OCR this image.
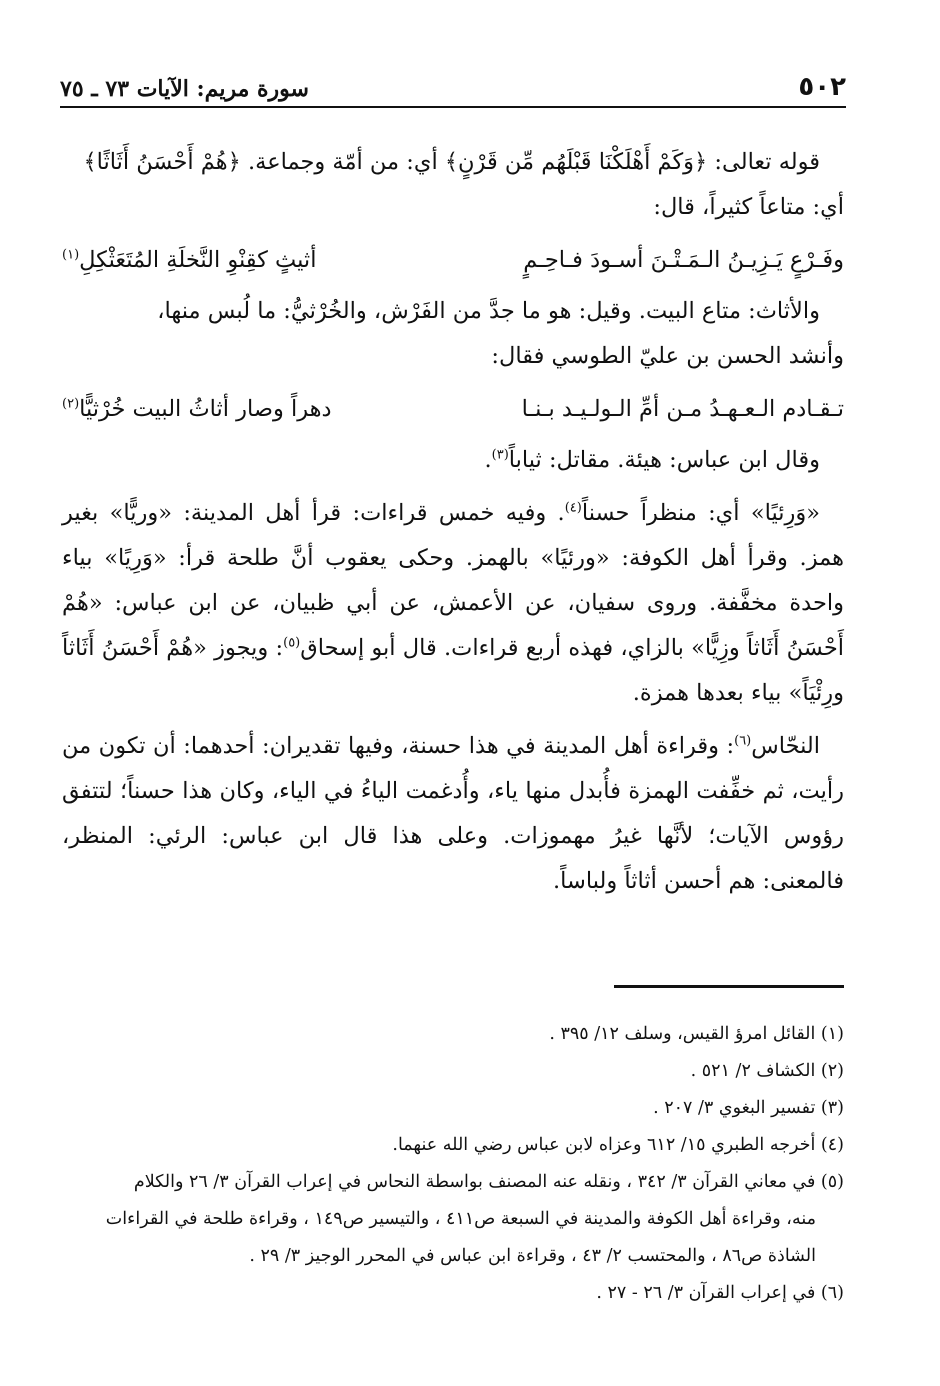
٥٠٢
سورة مريم: الآيات ٧٣ ـ ٧٥

قوله تعالى: ﴿وَكَمْ أَهْلَكْنَا قَبْلَهُم مِّن قَرْنٍ﴾ أي: من أمّة وجماعة. ﴿هُمْ أَحْسَنُ أَثَاثًا﴾

أي: متاعاً كثيراً، قال:

وفَـرْعٍ يَـزِيـنُ الـمَـتْـنَ أسـودَ فـاحِـمٍ
أثيثٍ كقِنْوِ النَّخلَةِ المُتَعَثْكِلِ$^{(١)}$

والأثاث: متاع البيت. وقيل: هو ما جدَّ من الفَرْش، والخُرْثيُّ: ما لُبس منها،

وأنشد الحسن بن عليّ الطوسي فقال:

تـقـادم الـعـهـدُ مـن أمِّ الـولـيـد بـنـا
دهراً وصار أثاثُ البيت خُرْثيًّا$^{(٢)}$

وقال ابن عباس: هيئة. مقاتل: ثياباً$^{(٣)}$.

«وَرِئيًا» أي: منظراً حسناً$^{(٤)}$. وفيه خمس قراءات: قرأ أهل المدينة: «وريًّا» بغير همز. وقرأ أهل الكوفة: «ورئيًا» بالهمز. وحكى يعقوب أنَّ طلحة قرأ: «وَرِيًا» بياء واحدة مخفَّفة. وروى سفيان، عن الأعمش، عن أبي ظبيان، عن ابن عباس: «هُمْ أَحْسَنُ أَثَاثاً وزِيًّا» بالزاي، فهذه أربع قراءات. قال أبو إسحاق$^{(٥)}$: ويجوز «هُمْ أَحْسَنُ أَثَاثاً ورِئْيَاً» بياء بعدها همزة.

النحّاس$^{(٦)}$: وقراءة أهل المدينة في هذا حسنة، وفيها تقديران: أحدهما: أن تكون من رأيت، ثم خفِّفت الهمزة فأُبدل منها ياء، وأُدغمت الياءُ في الياء، وكان هذا حسناً؛ لتتفق رؤوس الآيات؛ لأنَّها غيرُ مهموزات. وعلى هذا قال ابن عباس: الرئي: المنظر، فالمعنى: هم أحسن أثاثاً ولباساً.

(١) القائل امرؤ القيس، وسلف ١٢/ ٣٩٥ .

(٢) الكشاف ٢/ ٥٢١ .

(٣) تفسير البغوي ٣/ ٢٠٧ .

(٤) أخرجه الطبري ١٥/ ٦١٢ وعزاه لابن عباس رضي الله عنهما.

(٥) في معاني القرآن ٣/ ٣٤٢ ، ونقله عنه المصنف بواسطة النحاس في إعراب القرآن ٣/ ٢٦ والكلام

منه، وقراءة أهل الكوفة والمدينة في السبعة ص٤١١ ، والتيسير ص١٤٩ ، وقراءة طلحة في القراءات

الشاذة ص٨٦ ، والمحتسب ٢/ ٤٣ ، وقراءة ابن عباس في المحرر الوجيز ٣/ ٢٩ .

(٦) في إعراب القرآن ٣/ ٢٦ - ٢٧ .
